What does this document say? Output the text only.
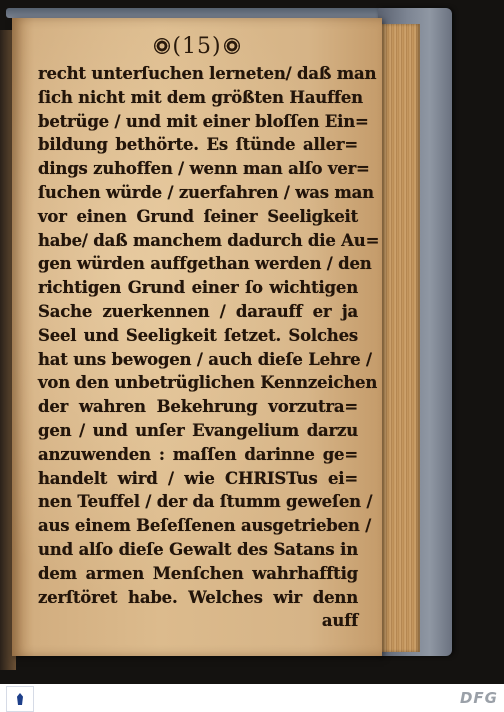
(15)
recht unterſuchen lerneten/ daß man
ſich nicht mit dem größten Hauffen
betrüge / und mit einer bloſſen Ein=
bildung bethörte. Es ſtünde aller=
dings zuhoffen / wenn man alſo ver=
ſuchen würde / zuerfahren / was man
vor einen Grund ſeiner Seeligkeit
habe/ daß manchem dadurch die Au=
gen würden auffgethan werden / den
richtigen Grund einer ſo wichtigen
Sache zuerkennen / darauff er ja
Seel und Seeligkeit ſetzet. Solches
hat uns bewogen / auch dieſe Lehre /
von den unbetrüglichen Kennzeichen
der wahren Bekehrung vorzutra=
gen / und unſer Evangelium darzu
anzuwenden : maſſen darinne ge=
handelt wird / wie CHRISTus ei=
nen Teuffel / der da ſtumm geweſen /
aus einem Beſeſſenen ausgetrieben /
und alſo dieſe Gewalt des Satans in
dem armen Menſchen wahrhafftig
zerſtöret habe. Welches wir denn
auff
DFG
